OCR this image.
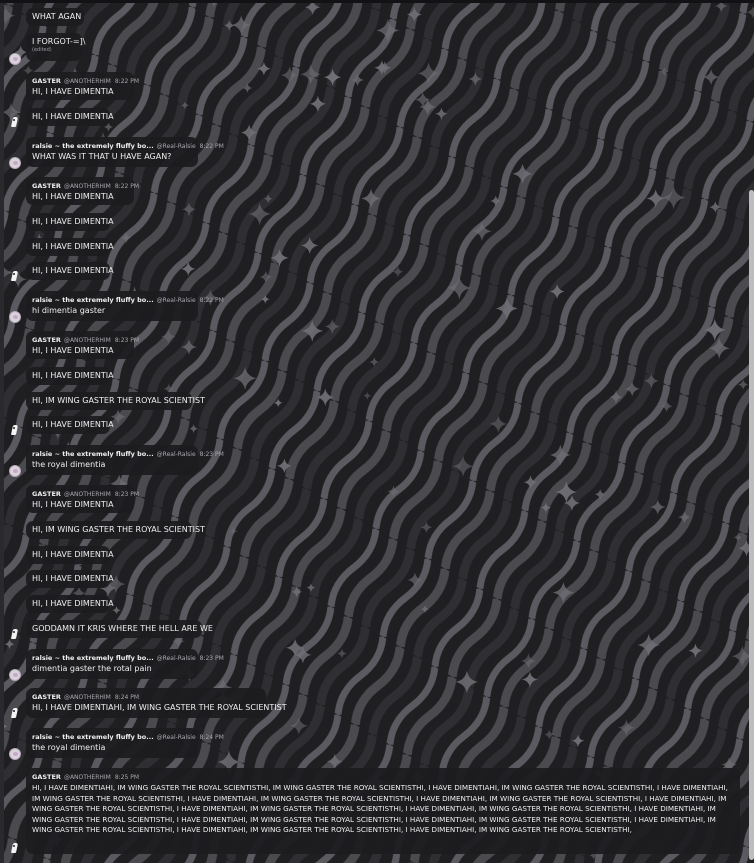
WHAT AGAN
I FORGOT-=]\
(edited)
GASTER @ANOTHERHIM 8:22 PM
HI, I HAVE DIMENTIA
HI, I HAVE DIMENTIA
ralsie ~ the extremely fluffy bo... @Real-Ralsie 8:22 PM
WHAT WAS IT THAT U HAVE AGAN?
GASTER @ANOTHERHIM 8:22 PM
HI, I HAVE DIMENTIA
HI, I HAVE DIMENTIA
HI, I HAVE DIMENTIA
HI, I HAVE DIMENTIA
ralsie ~ the extremely fluffy bo... @Real-Ralsie 8:22 PM
hi dimentia gaster
GASTER @ANOTHERHIM 8:23 PM
HI, I HAVE DIMENTIA
HI, I HAVE DIMENTIA
HI, IM WING GASTER THE ROYAL SCIENTIST
HI, I HAVE DIMENTIA
ralsie ~ the extremely fluffy bo... @Real-Ralsie 8:23 PM
the royal dimentia
GASTER @ANOTHERHIM 8:23 PM
HI, I HAVE DIMENTIA
HI, IM WING GASTER THE ROYAL SCIENTIST
HI, I HAVE DIMENTIA
HI, I HAVE DIMENTIA
HI, I HAVE DIMENTIA
GODDAMN IT KRIS WHERE THE HELL ARE WE
ralsie ~ the extremely fluffy bo... @Real-Ralsie 8:23 PM
dimentia gaster the rotal pain
GASTER @ANOTHERHIM 8:24 PM
HI, I HAVE DIMENTIAHI, IM WING GASTER THE ROYAL SCIENTIST
ralsie ~ the extremely fluffy bo... @Real-Ralsie 8:24 PM
the royal dimentia
GASTER @ANOTHERHIM 8:25 PM
HI, I HAVE DIMENTIAHI, IM WING GASTER THE ROYAL SCIENTISTHI, IM WING GASTER THE ROYAL SCIENTISTHI, I HAVE DIMENTIAHI, IM WING GASTER THE ROYAL SCIENTISTHI, I HAVE DIMENTIAHI, IM WING GASTER THE ROYAL SCIENTISTHI, I HAVE DIMENTIAHI, IM WING GASTER THE ROYAL SCIENTISTHI, I HAVE DIMENTIAHI, IM WING GASTER THE ROYAL SCIENTISTHI, I HAVE DIMENTIAHI, IM WING GASTER THE ROYAL SCIENTISTHI, I HAVE DIMENTIAHI, IM WING GASTER THE ROYAL SCIENTISTHI, I HAVE DIMENTIAHI, IM WING GASTER THE ROYAL SCIENTISTHI, I HAVE DIMENTIAHI, IM WING GASTER THE ROYAL SCIENTISTHI, I HAVE DIMENTIAHI, IM WING GASTER THE ROYAL SCIENTISTHI, I HAVE DIMENTIAHI, IM WING GASTER THE ROYAL SCIENTISTHI, I HAVE DIMENTIAHI, IM WING GASTER THE ROYAL SCIENTISTHI, I HAVE DIMENTIAHI, IM WING GASTER THE ROYAL SCIENTISTHI, I HAVE DIMENTIAHI, IM WING GASTER THE ROYAL SCIENTISTHI,
